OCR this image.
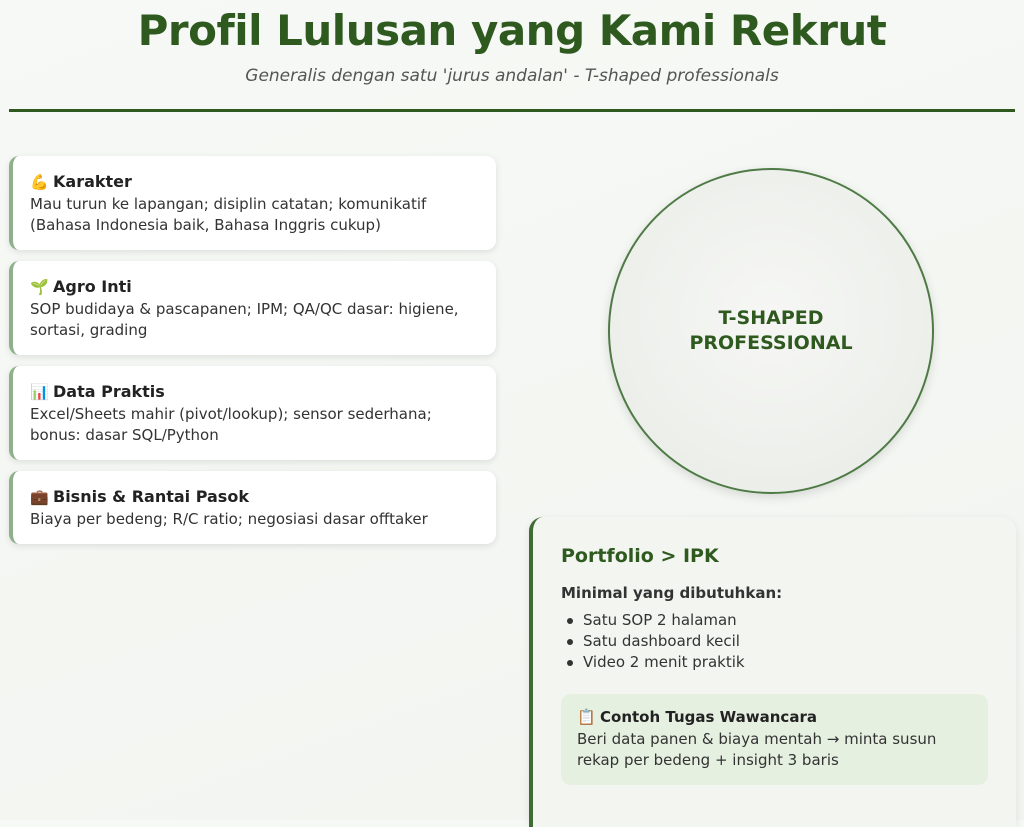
Profil Lulusan yang Kami Rekrut
Generalis dengan satu 'jurus andalan' - T-shaped professionals
💪 Karakter
Mau turun ke lapangan; disiplin catatan; komunikatif (Bahasa Indonesia baik, Bahasa Inggris cukup)
🌱 Agro Inti
SOP budidaya & pascapanen; IPM; QA/QC dasar: higiene, sortasi, grading
📊 Data Praktis
Excel/Sheets mahir (pivot/lookup); sensor sederhana; bonus: dasar SQL/Python
💼 Bisnis & Rantai Pasok
Biaya per bedeng; R/C ratio; negosiasi dasar offtaker
T-SHAPED PROFESSIONAL
Portfolio > IPK
Minimal yang dibutuhkan:
Satu SOP 2 halaman
Satu dashboard kecil
Video 2 menit praktik
📋 Contoh Tugas Wawancara
Beri data panen & biaya mentah → minta susun rekap per bedeng + insight 3 baris
